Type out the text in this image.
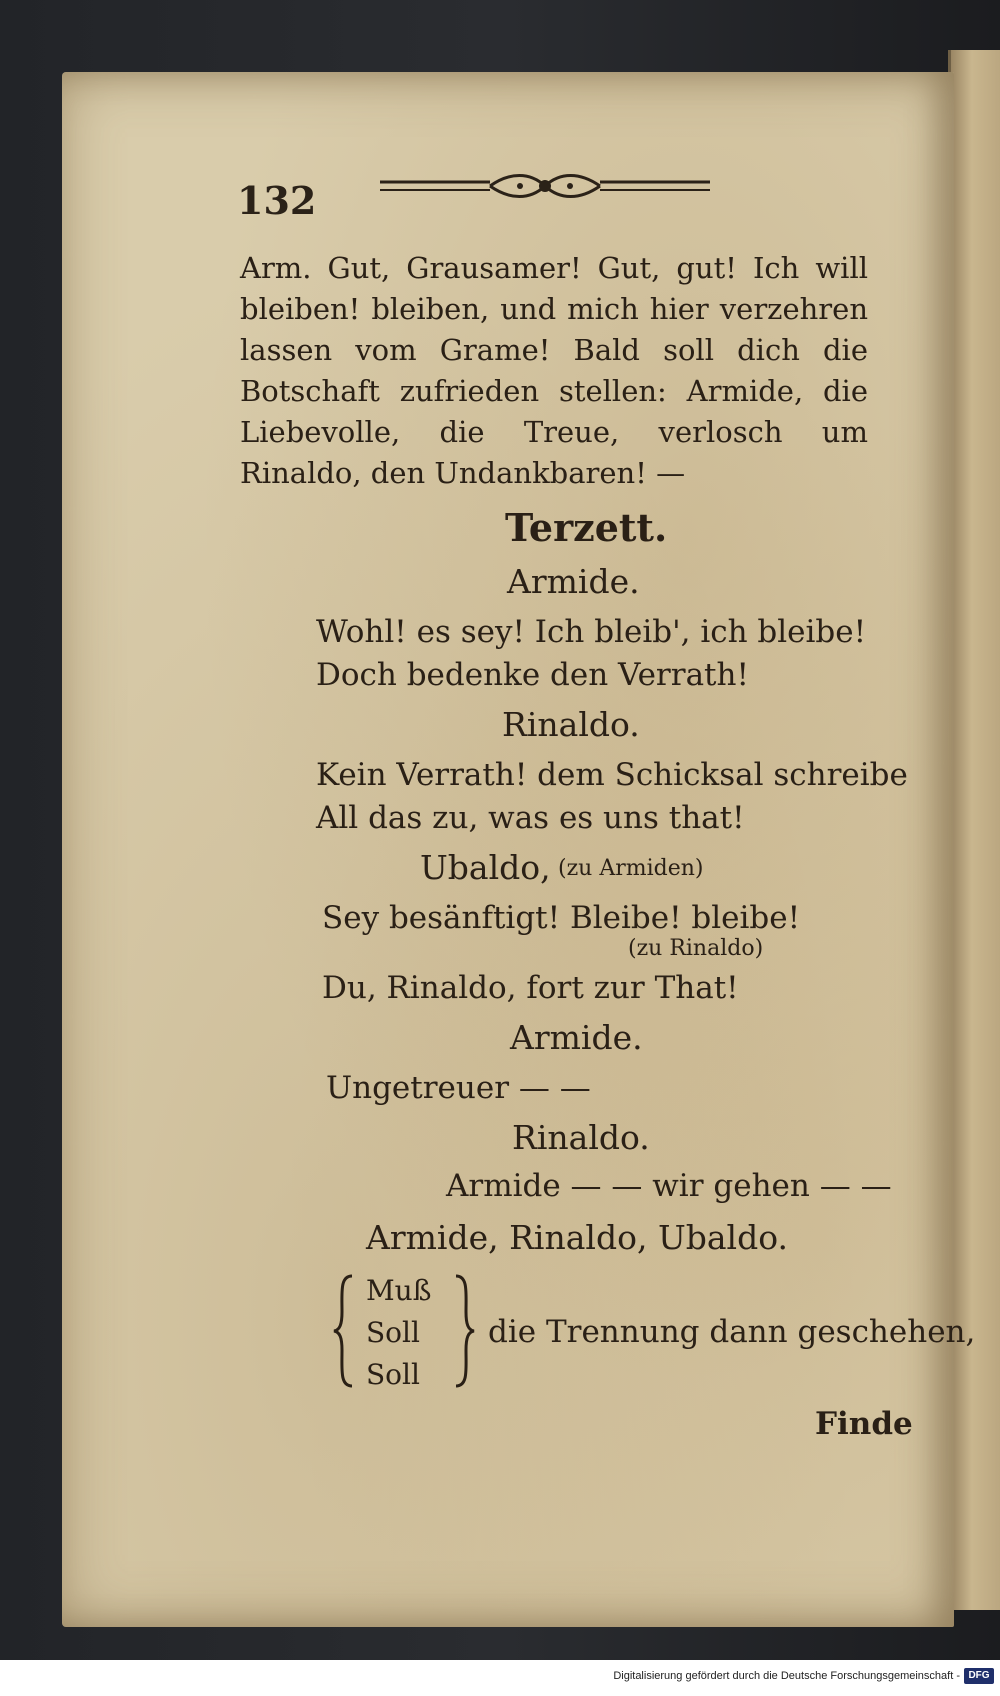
132
Arm. Gut, Grausamer! Gut, gut! Ich will bleiben! bleiben, und mich hier verzehren lassen vom Grame! Bald soll dich die Botschaft zufrieden stellen: Armide, die Liebevolle, die Treue, verlosch um Rinaldo, den Undankbaren! —
Terzett.
Armide.
Wohl! es sey! Ich bleib', ich bleibe!
Doch bedenke den Verrath!
Rinaldo.
Kein Verrath! dem Schicksal schreibe
All das zu, was es uns that!
Ubaldo, (zu Armiden)
Sey besänftigt! Bleibe! bleibe!
(zu Rinaldo)
Du, Rinaldo, fort zur That!
Armide.
Ungetreuer — —
Rinaldo.
Armide — — wir gehen — —
Armide, Rinaldo, Ubaldo.
Muß
Soll
Soll
die Trennung dann geschehen,
Finde
Digitalisierung gefördert durch die Deutsche Forschungsgemeinschaft - DFG
